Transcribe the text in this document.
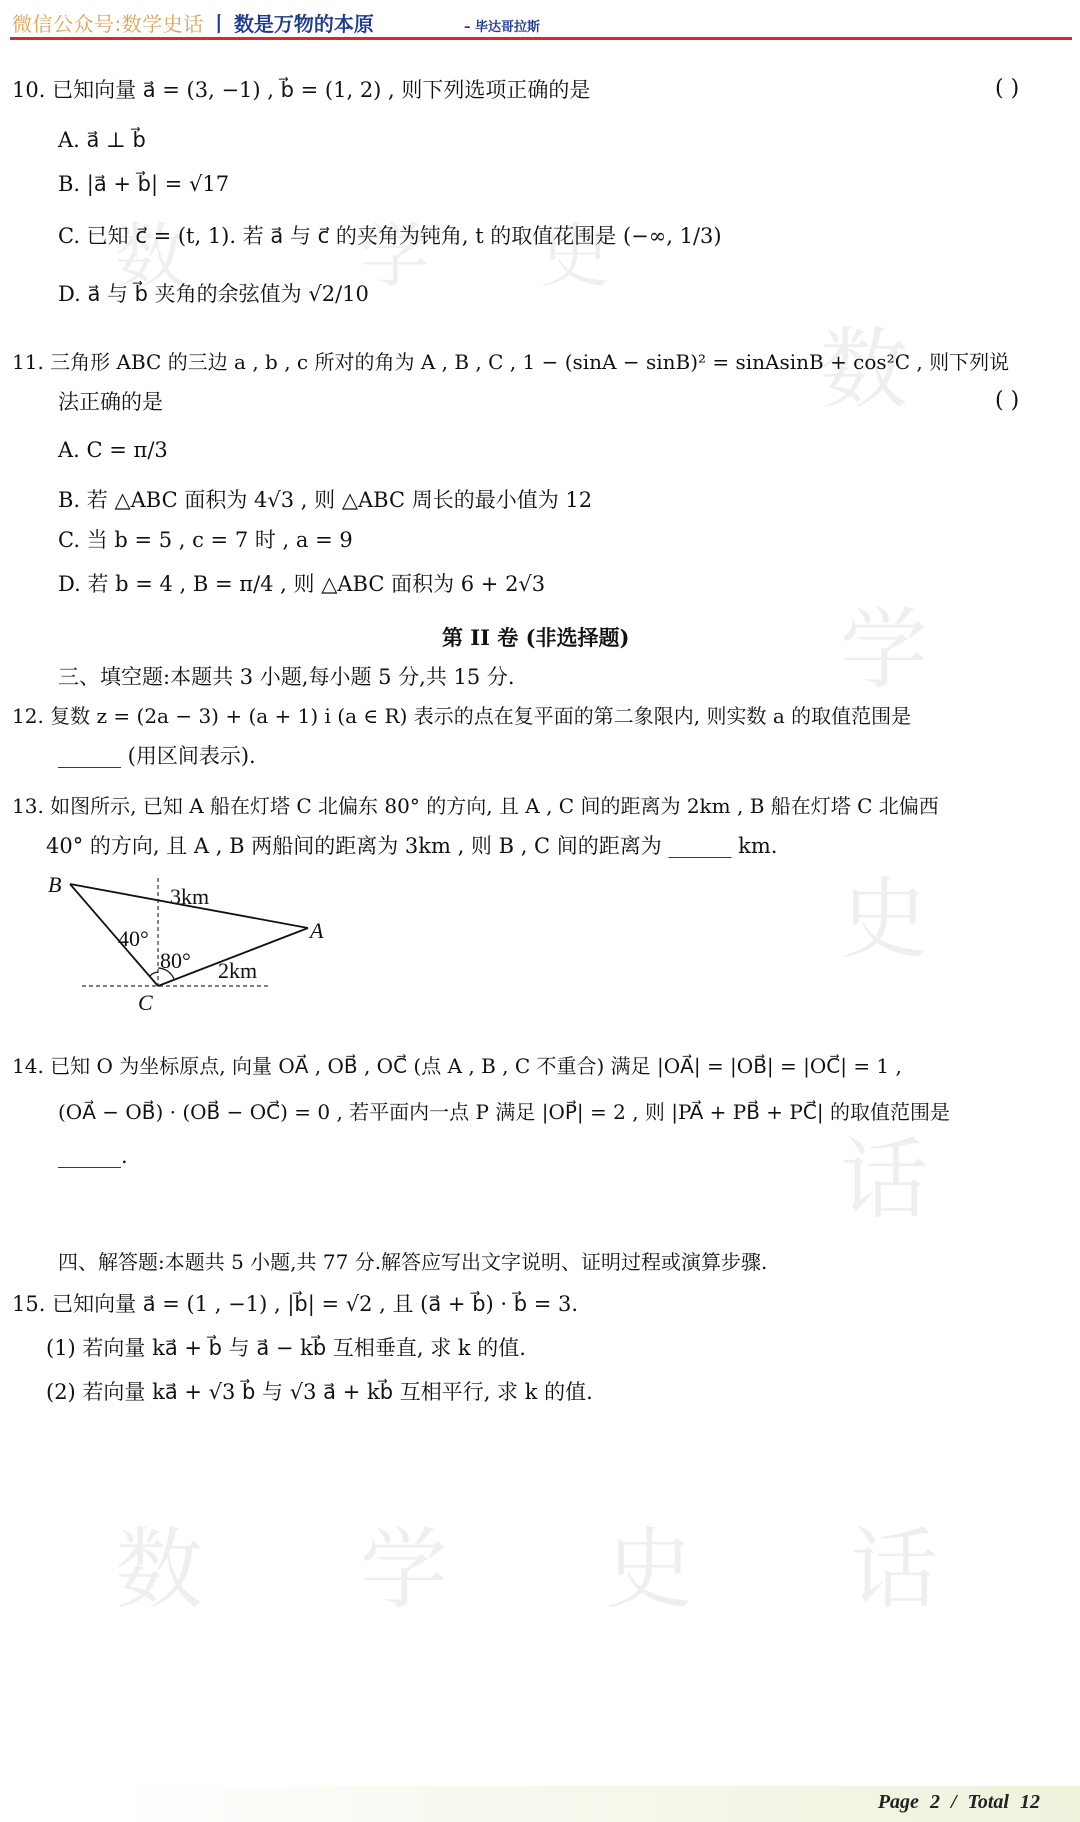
数
学
史
话
数 学 史 话
数	学 史
微信公众号:数学史话 丨 数是万物的本原	– 毕达哥拉斯
10. 已知向量 a⃗ = (3, −1) , b⃗ = (1, 2) , 则下列选项正确的是	( )
A. a⃗ ⊥ b⃗
B. |a⃗ + b⃗| = √17
C. 已知 c⃗ = (t, 1). 若 a⃗ 与 c⃗ 的夹角为钝角, t 的取值花围是 (−∞, 1/3)
D. a⃗ 与 b⃗ 夹角的余弦值为 √2/10
11. 三角形 ABC 的三边 a , b , c 所对的角为 A , B , C , 1 − (sinA − sinB)² = sinAsinB + cos²C , 则下列说
法正确的是	( )
A. C = π/3
B. 若 △ABC 面积为 4√3 , 则 △ABC 周长的最小值为 12
C. 当 b = 5 , c = 7 时 , a = 9
D. 若 b = 4 , B = π/4 , 则 △ABC 面积为 6 + 2√3
第 II 卷 (非选择题)
三、填空题:本题共 3 小题,每小题 5 分,共 15 分.
12. 复数 z = (2a − 3) + (a + 1) i (a ∈ R) 表示的点在复平面的第二象限内, 则实数 a 的取值范围是
______ (用区间表示).
13. 如图所示, 已知 A 船在灯塔 C 北偏东 80° 的方向, 且 A , C 间的距离为 2km , B 船在灯塔 C 北偏西
40° 的方向, 且 A , B 两船间的距离为 3km , 则 B , C 间的距离为 ______ km.
B
A
C
3km
2km
40°
80°
14. 已知 O 为坐标原点, 向量 OA⃗ , OB⃗ , OC⃗ (点 A , B , C 不重合) 满足 |OA⃗| = |OB⃗| = |OC⃗| = 1 ,
(OA⃗ − OB⃗) · (OB⃗ − OC⃗) = 0 , 若平面内一点 P 满足 |OP⃗| = 2 , 则 |PA⃗ + PB⃗ + PC⃗| 的取值范围是
______.
四、解答题:本题共 5 小题,共 77 分.解答应写出文字说明、证明过程或演算步骤.
15. 已知向量 a⃗ = (1 , −1) , |b⃗| = √2 , 且 (a⃗ + b⃗) · b⃗ = 3.
(1) 若向量 ka⃗ + b⃗ 与 a⃗ − kb⃗ 互相垂直, 求 k 的值.
(2) 若向量 ka⃗ + √3 b⃗ 与 √3 a⃗ + kb⃗ 互相平行, 求 k 的值.
Page 2 / Total 12
